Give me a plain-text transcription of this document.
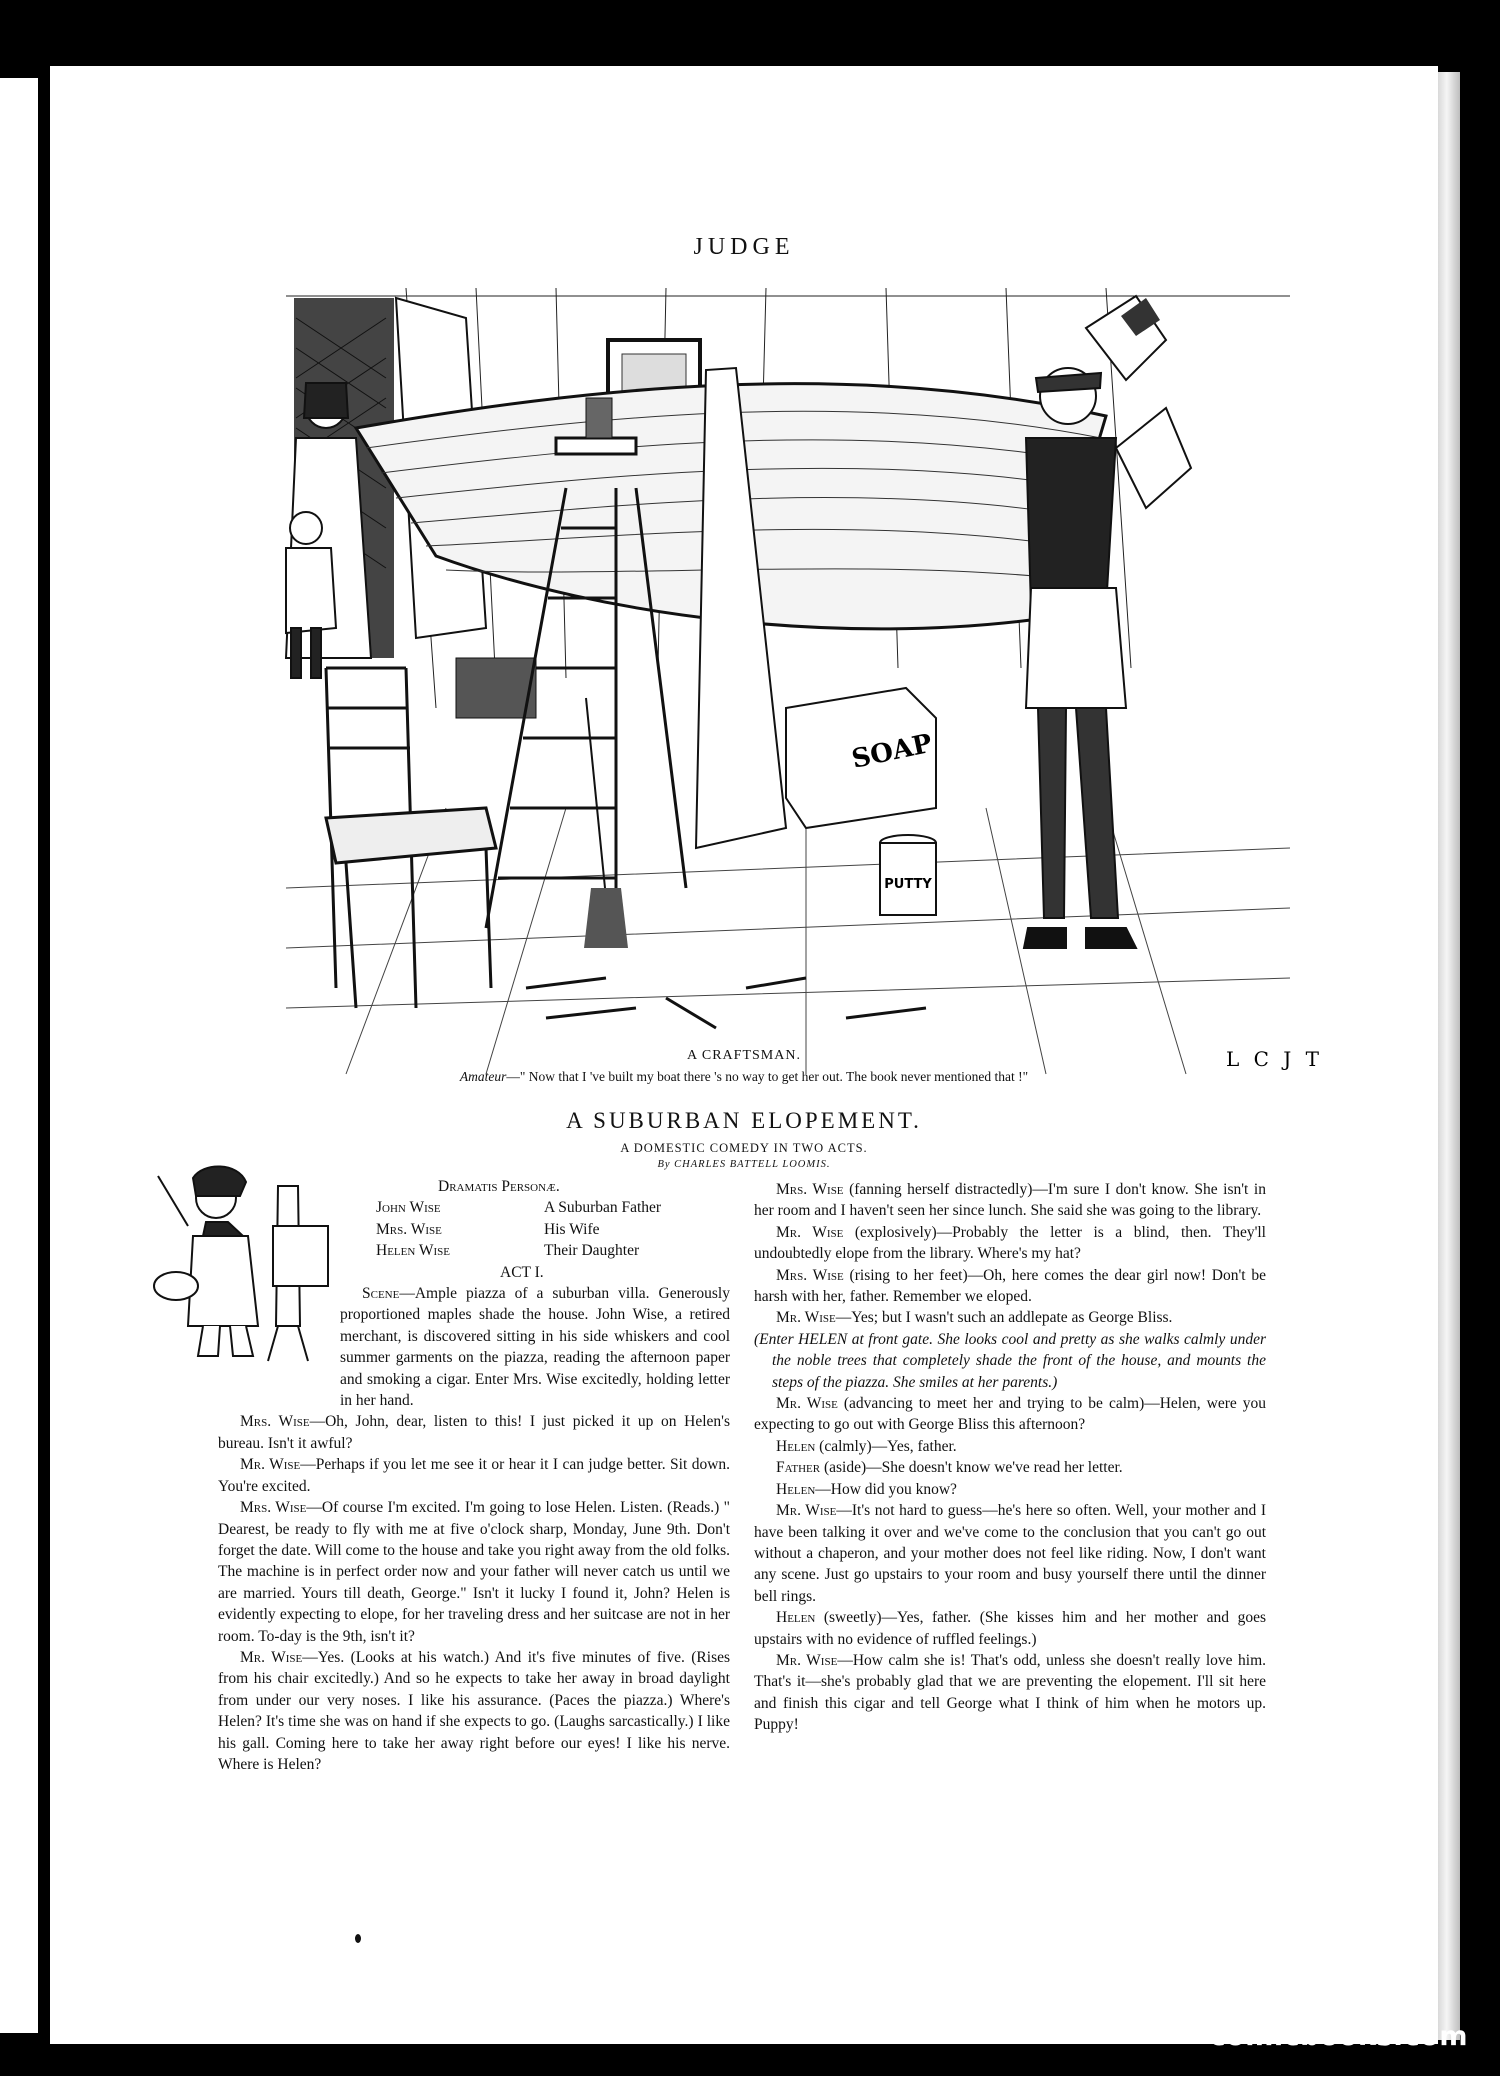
JUDGE
SOAP
PUTTY
L C J T
A CRAFTSMAN.
Amateur—" Now that I 've built my boat there 's no way to get her out. The book never mentioned that !"
A SUBURBAN ELOPEMENT.
A DOMESTIC COMEDY IN TWO ACTS.
By CHARLES BATTELL LOOMIS.
Dramatis Personæ.
John Wise	A Suburban Father
Mrs. Wise	His Wife
Helen Wise	Their Daughter
ACT I.

Scene—Ample piazza of a suburban villa. Generously proportioned maples shade the house. John Wise, a retired merchant, is discovered sitting in his side whiskers and cool summer garments on the piazza, reading the afternoon paper and smoking a cigar. Enter Mrs. Wise excitedly, holding letter in her hand.

Mrs. Wise—Oh, John, dear, listen to this! I just picked it up on Helen's bureau. Isn't it awful?

Mr. Wise—Perhaps if you let me see it or hear it I can judge better. Sit down. You're excited.

Mrs. Wise—Of course I'm excited. I'm going to lose Helen. Listen. (Reads.) " Dearest, be ready to fly with me at five o'clock sharp, Monday, June 9th. Don't forget the date. Will come to the house and take you right away from the old folks. The machine is in perfect order now and your father will never catch us until we are married. Yours till death, George." Isn't it lucky I found it, John? Helen is evidently expecting to elope, for her traveling dress and her suitcase are not in her room. To-day is the 9th, isn't it?

Mr. Wise—Yes. (Looks at his watch.) And it's five minutes of five. (Rises from his chair excitedly.) And so he expects to take her away in broad daylight from under our very noses. I like his assurance. (Paces the piazza.) Where's Helen? It's time she was on hand if she expects to go. (Laughs sarcastically.) I like his gall. Coming here to take her away right before our eyes! I like his nerve. Where is Helen?

Mrs. Wise (fanning herself distractedly)—I'm sure I don't know. She isn't in her room and I haven't seen her since lunch. She said she was going to the library.

Mr. Wise (explosively)—Probably the letter is a blind, then. They'll undoubtedly elope from the library. Where's my hat?

Mrs. Wise (rising to her feet)—Oh, here comes the dear girl now! Don't be harsh with her, father. Remember we eloped.

Mr. Wise—Yes; but I wasn't such an addlepate as George Bliss.

(Enter HELEN at front gate. She looks cool and pretty as she walks calmly under the noble trees that completely shade the front of the house, and mounts the steps of the piazza. She smiles at her parents.)

Mr. Wise (advancing to meet her and trying to be calm)—Helen, were you expecting to go out with George Bliss this afternoon?

Helen (calmly)—Yes, father.

Father (aside)—She doesn't know we've read her letter.

Helen—How did you know?

Mr. Wise—It's not hard to guess—he's here so often. Well, your mother and I have been talking it over and we've come to the conclusion that you can't go out without a chaperon, and your mother does not feel like riding. Now, I don't want any scene. Just go upstairs to your room and busy yourself there until the dinner bell rings.

Helen (sweetly)—Yes, father. (She kisses him and her mother and goes upstairs with no evidence of ruffled feelings.)

Mr. Wise—How calm she is! That's odd, unless she doesn't really love him. That's it—she's probably glad that we are preventing the elopement. I'll sit here and finish this cigar and tell George what I think of him when he motors up. Puppy!

comicbooks.com
